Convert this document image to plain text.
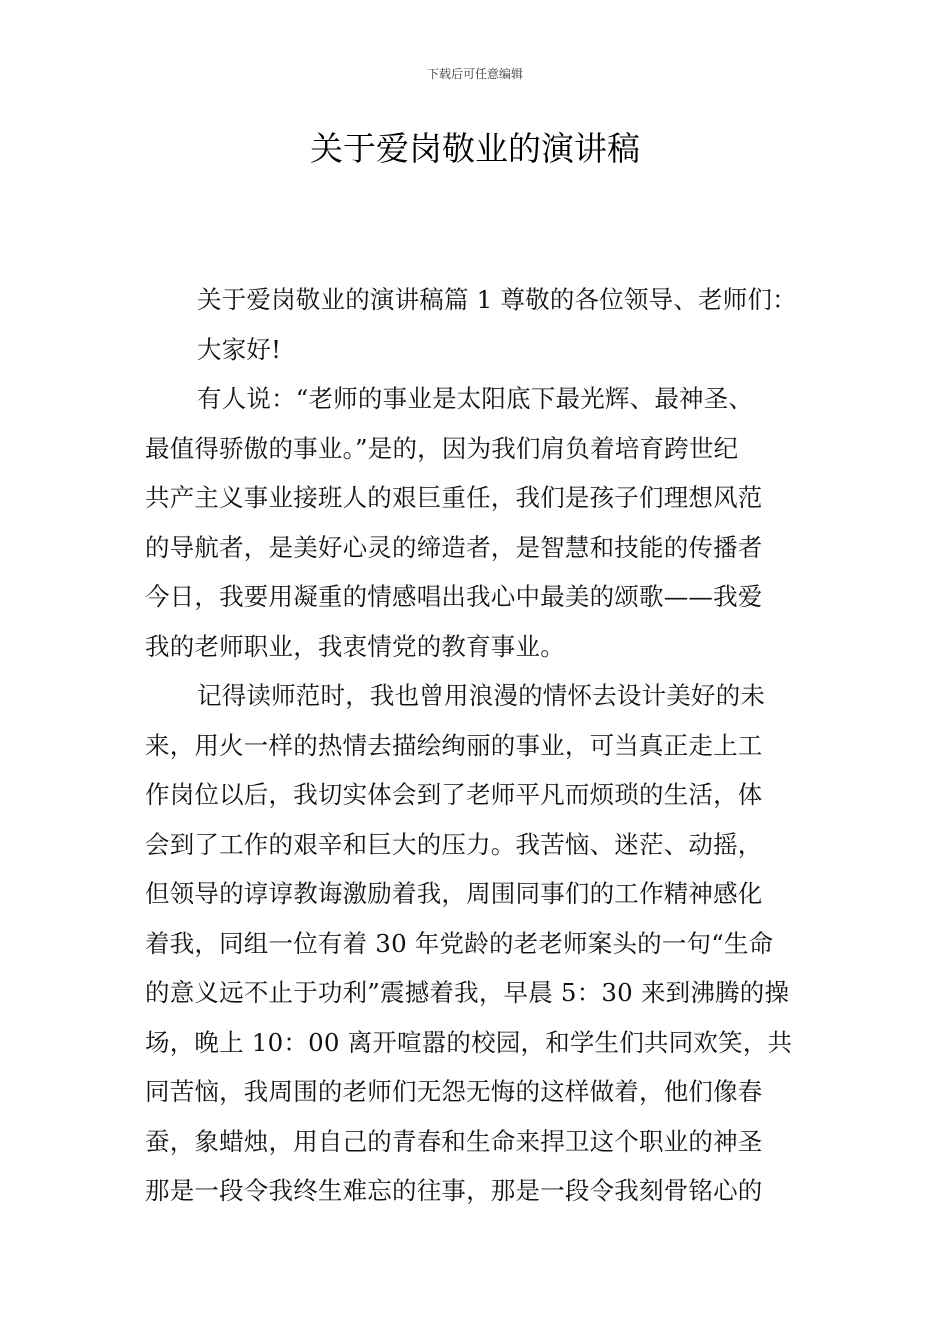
下载后可任意编辑
关于爱岗敬业的演讲稿
关于爱岗敬业的演讲稿篇 1 尊敬的各位领导、老师们：
大家好!
有人说：“老师的事业是太阳底下最光辉、最神圣、
最值得骄傲的事业。”是的，因为我们肩负着培育跨世纪
共产主义事业接班人的艰巨重任，我们是孩子们理想风范
的导航者，是美好心灵的缔造者，是智慧和技能的传播者
今日，我要用凝重的情感唱出我心中最美的颂歌——我爱
我的老师职业，我衷情党的教育事业。
记得读师范时，我也曾用浪漫的情怀去设计美好的未
来，用火一样的热情去描绘绚丽的事业，可当真正走上工
作岗位以后，我切实体会到了老师平凡而烦琐的生活，体
会到了工作的艰辛和巨大的压力。我苦恼、迷茫、动摇，
但领导的谆谆教诲激励着我，周围同事们的工作精神感化
着我，同组一位有着 30 年党龄的老老师案头的一句“生命
的意义远不止于功利”震撼着我，早晨 5：30 来到沸腾的操
场，晚上 10：00 离开喧嚣的校园，和学生们共同欢笑，共
同苦恼，我周围的老师们无怨无悔的这样做着，他们像春
蚕，象蜡烛，用自己的青春和生命来捍卫这个职业的神圣
那是一段令我终生难忘的往事，那是一段令我刻骨铭心的
